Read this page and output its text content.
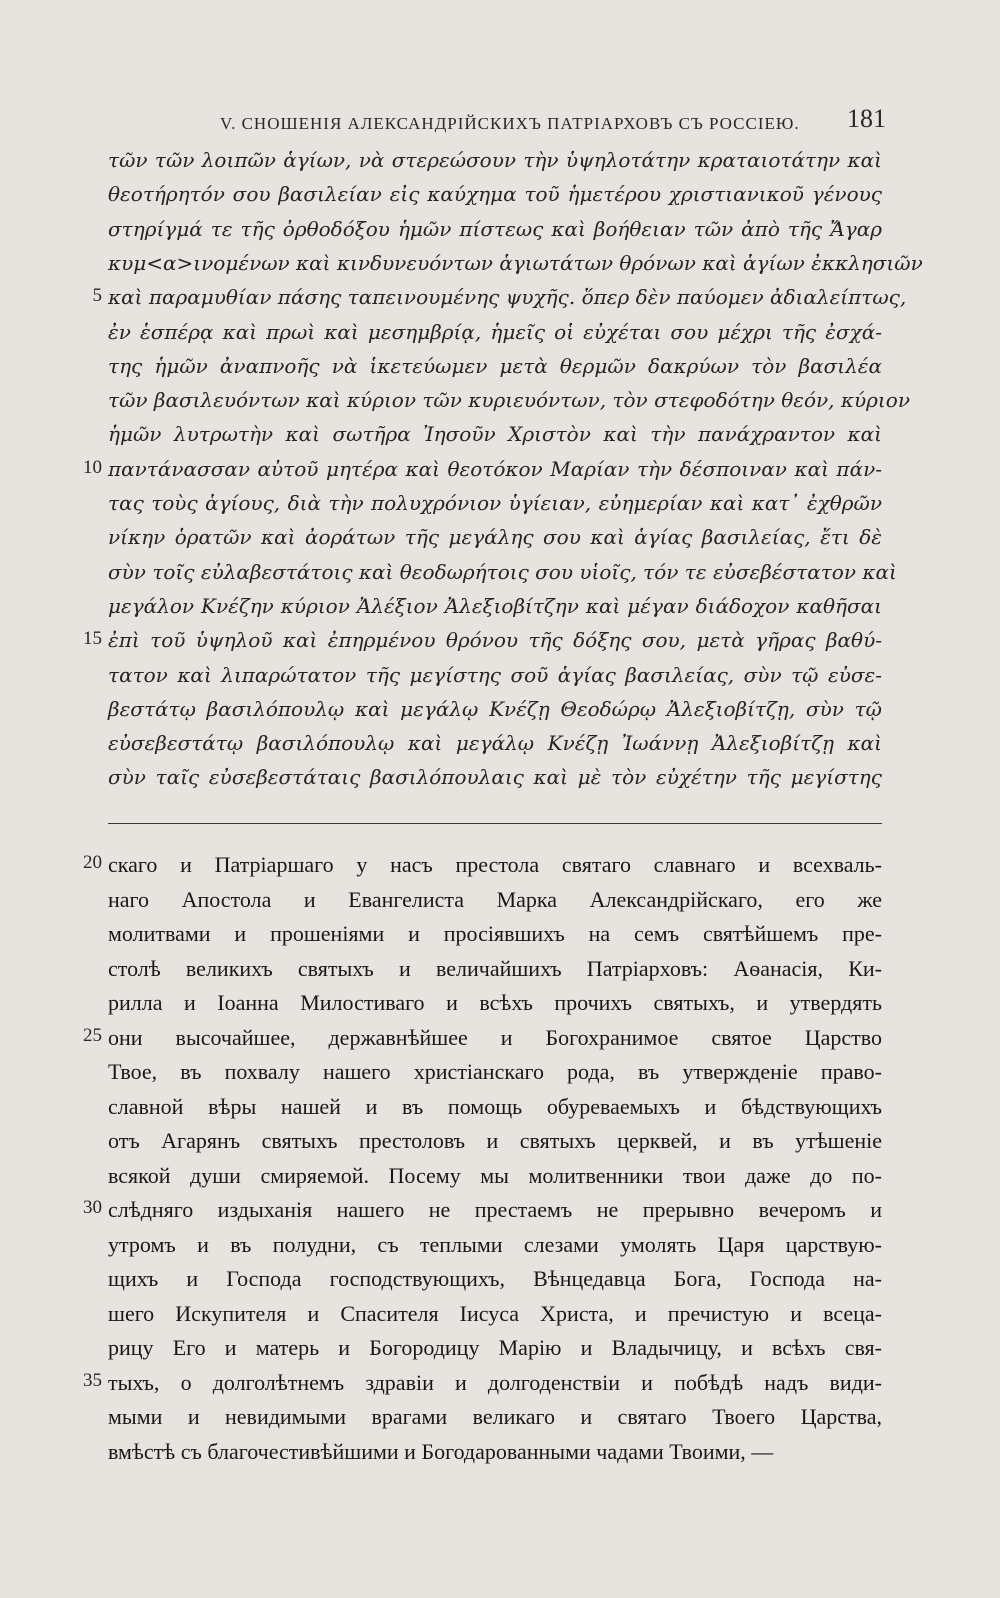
V. СНОШЕНІЯ АЛЕКСАНДРІЙСКИХЪ ПАТРІАРХОВЪ СЪ РОССІЕЮ. 181
τῶν τῶν λοιπῶν ἁγίων, νὰ στερεώσουν τὴν ὑψηλοτάτην κραταιοτάτην καὶ
θεοτήρητόν σου βασιλείαν εἰς καύχημα τοῦ ἡμετέρου χριστιανικοῦ γένους
στηρίγμά τε τῆς ὀρθοδόξου ἡμῶν πίστεως καὶ βοήθειαν τῶν ἀπὸ τῆς Ἄγαρ
κυμ<α>ινομένων καὶ κινδυνευόντων ἁγιωτάτων θρόνων καὶ ἁγίων ἐκκλησιῶν
5 καὶ παραμυθίαν πάσης ταπεινουμένης ψυχῆς. ὅπερ δὲν παύομεν ἀδιαλείπτως,
ἐν ἑσπέρᾳ καὶ πρωὶ καὶ μεσημβρίᾳ, ἡμεῖς οἱ εὐχέται σου μέχρι τῆς ἐσχά-
της ἡμῶν ἀναπνοῆς νὰ ἱκετεύωμεν μετὰ θερμῶν δακρύων τὸν βασιλέα
τῶν βασιλευόντων καὶ κύριον τῶν κυριευόντων, τὸν στεφοδότην θεόν, κύριον
ἡμῶν λυτρωτὴν καὶ σωτῆρα Ἰησοῦν Χριστὸν καὶ τὴν πανάχραντον καὶ
10 παντάνασσαν αὐτοῦ μητέρα καὶ θεοτόκον Μαρίαν τὴν δέσποιναν καὶ πάν-
τας τοὺς ἁγίους, διὰ τὴν πολυχρόνιον ὑγίειαν, εὐημερίαν καὶ κατ᾿ ἐχθρῶν
νίκην ὁρατῶν καὶ ἀοράτων τῆς μεγάλης σου καὶ ἁγίας βασιλείας, ἔτι δὲ
σὺν τοῖς εὐλαβεστάτοις καὶ θεοδωρήτοις σου υἱοῖς, τόν τε εὐσεβέστατον καὶ
μεγάλον Κνέζην κύριον Ἀλέξιον Ἀλεξιοβίτζην καὶ μέγαν διάδοχον καθῆσαι
15 ἐπὶ τοῦ ὑψηλοῦ καὶ ἐπηρμένου θρόνου τῆς δόξης σου, μετὰ γῆρας βαθύ-
τατον καὶ λιπαρώτατον τῆς μεγίστης σοῦ ἁγίας βασιλείας, σὺν τῷ εὐσε-
βεστάτῳ βασιλόπουλῳ καὶ μεγάλῳ Κνέζῃ Θεοδώρῳ Ἀλεξιοβίτζῃ, σὺν τῷ
εὐσεβεστάτῳ βασιλόπουλῳ καὶ μεγάλῳ Κνέζῃ Ἰωάννῃ Ἀλεξιοβίτζῃ καὶ
σὺν ταῖς εὐσεβεστάταις βασιλόπουλαις καὶ μὲ τὸν εὐχέτην τῆς μεγίστης
20 скаго и Патріаршаго у насъ престола святаго славнаго и всехваль-
наго Апостола и Евангелиста Марка Александрійскаго, его же
молитвами и прошеніями и просіявшихъ на семъ святѣйшемъ пре-
столѣ великихъ святыхъ и величайшихъ Патріарховъ: Аѳанасія, Ки-
рилла и Іоанна Милостиваго и всѣхъ прочихъ святыхъ, и утвердять
25 они высочайшее, державнѣйшее и Богохранимое святое Царство
Твое, въ похвалу нашего христіанскаго рода, въ утвержденіе право-
славной вѣры нашей и въ помощь обуреваемыхъ и бѣдствующихъ
отъ Агарянъ святыхъ престоловъ и святыхъ церквей, и въ утѣшеніе
всякой души смиряемой. Посему мы молитвенники твои даже до по-
30 слѣдняго издыханія нашего не престаемъ не прерывно вечеромъ и
утромъ и въ полудни, съ теплыми слезами умолять Царя царствую-
щихъ и Господа господствующихъ, Вѣнцедавца Бога, Господа на-
шего Искупителя и Спасителя Іисуса Христа, и пречистую и всеца-
рицу Его и матерь и Богородицу Марію и Владычицу, и всѣхъ свя-
35 тыхъ, о долголѣтнемъ здравіи и долгоденствіи и побѣдѣ надъ види-
мыми и невидимыми врагами великаго и святаго Твоего Царства,
вмѣстѣ съ благочестивѣйшими и Богодарованными чадами Твоими, —
